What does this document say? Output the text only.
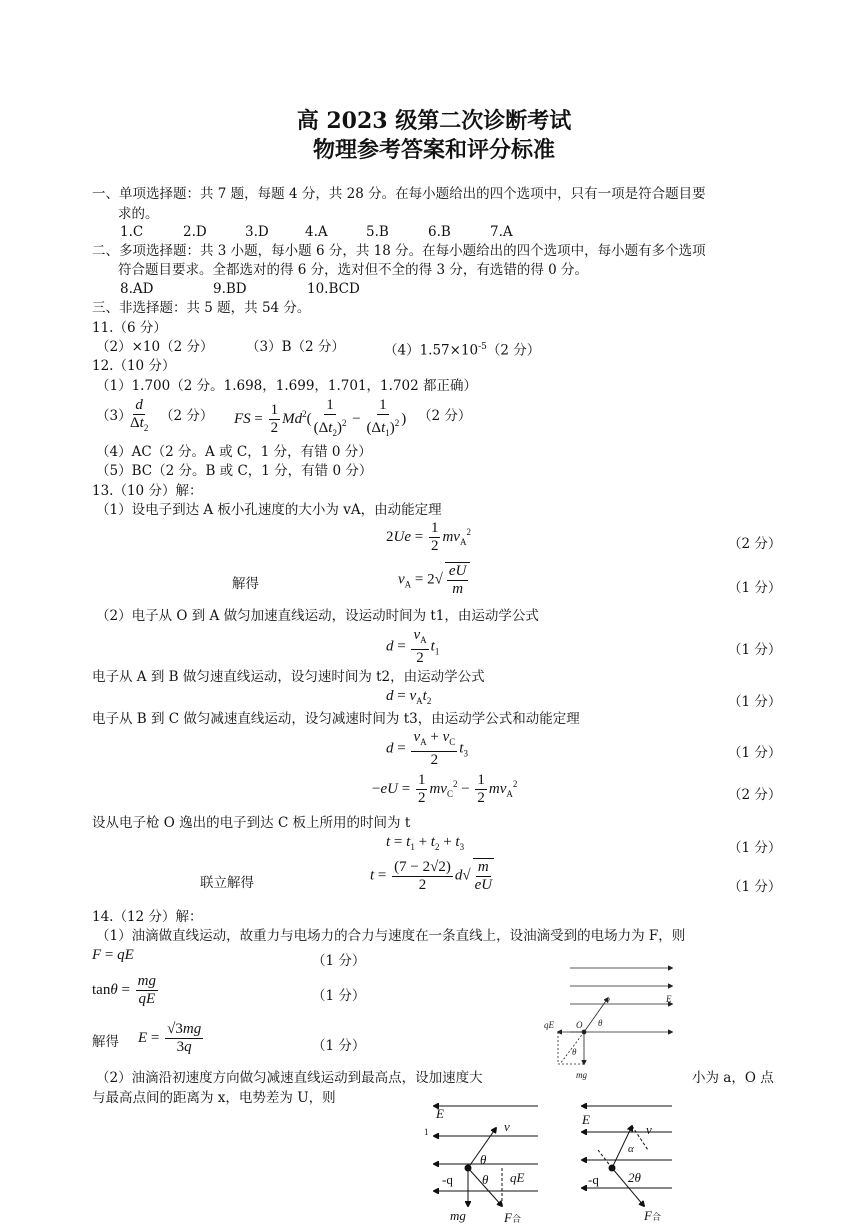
高 2023 级第二次诊断考试
物理参考答案和评分标准
一、单项选择题：共 7 题，每题 4 分，共 28 分。在每小题给出的四个选项中，只有一项是符合题目要
求的。
1.C	2.D	3.D	4.A	5.B	6.B	7.A
二、多项选择题：共 3 小题，每小题 6 分，共 18 分。在每小题给出的四个选项中，每小题有多个选项
符合题目要求。全都选对的得 6 分，选对但不全的得 3 分，有选错的得 0 分。
8.AD	9.BD	10.BCD
三、非选择题：共 5 题，共 54 分。
11.（6 分）
（2）×10（2 分） （3）B（2 分）	$(4)1.57\times 10^{-5}(2$ 分）
12.（10 分）
（1）1.700（2 分。1.698，1.699，1.701，1.702 都正确）
（3）
$\frac{d}{\Delta t_2} (2$ 分） FS = $\frac{1}{2} Md^2( \frac{1}{(\Delta t_2)^2} - \frac{1}{(\Delta t_1)^2}$ ) （2 分）
（4）AC（2 分。A 或 C，1 分，有错 0 分）
（5）BC（2 分。B 或 C，1 分，有错 0 分）
13.（10 分）解：
（1）设电子到达 A 板小孔速度的大小为 vA，由动能定理
$2Ue = \frac{1}{2} mv_A^2$
（2 分）
解得	$v_A = 2√ \frac{eU}{m}$	（1 分）
（2）电子从 O 到 A 做匀加速直线运动，设运动时间为 t1，由运动学公式
$d = \frac{v_A}{2} t_1$	（1 分）
电子从 A 到 B 做匀速直线运动，设匀速时间为 t2，由运动学公式
$d = v_At_2$	（1 分）
电子从 B 到 C 做匀减速直线运动，设匀减速时间为 t3，由运动学公式和动能定理
$d = \frac{v_A + v_C}{2} t_3$	（1 分）
$-eU = \frac{1}{2} mv_C^2 - \frac{1}{2} mv_A^2$
（2 分）
设从电子枪 O 逸出的电子到达 C 板上所用的时间为 t
$t = t_1 + t_2 + t_3$	（1 分）
联立解得	$t = \frac{(7 - 2√2)}{2} d√ \frac{m}{eU}$	（1 分）
14.（12 分）解：
（1）油滴做直线运动，故重力与电场力的合力与速度在一条直线上，设油滴受到的电场力为 F，则
F = qE	（1 分）
$\tan\theta = \frac{mg}{qE}$	（1 分）
解得 $E = \frac{√3mg}{3q}$	（1 分）
（2）油滴沿初速度方向做匀减速直线运动到最高点，设加速度大	小为 a，O 点
与最高点间的距离为 x，电势差为 U，则
v	E
qE O θ
θ
mg
E
1	v
θ
θ qE
-q
mg	F合
E
v
α
2θ
-q
F合
